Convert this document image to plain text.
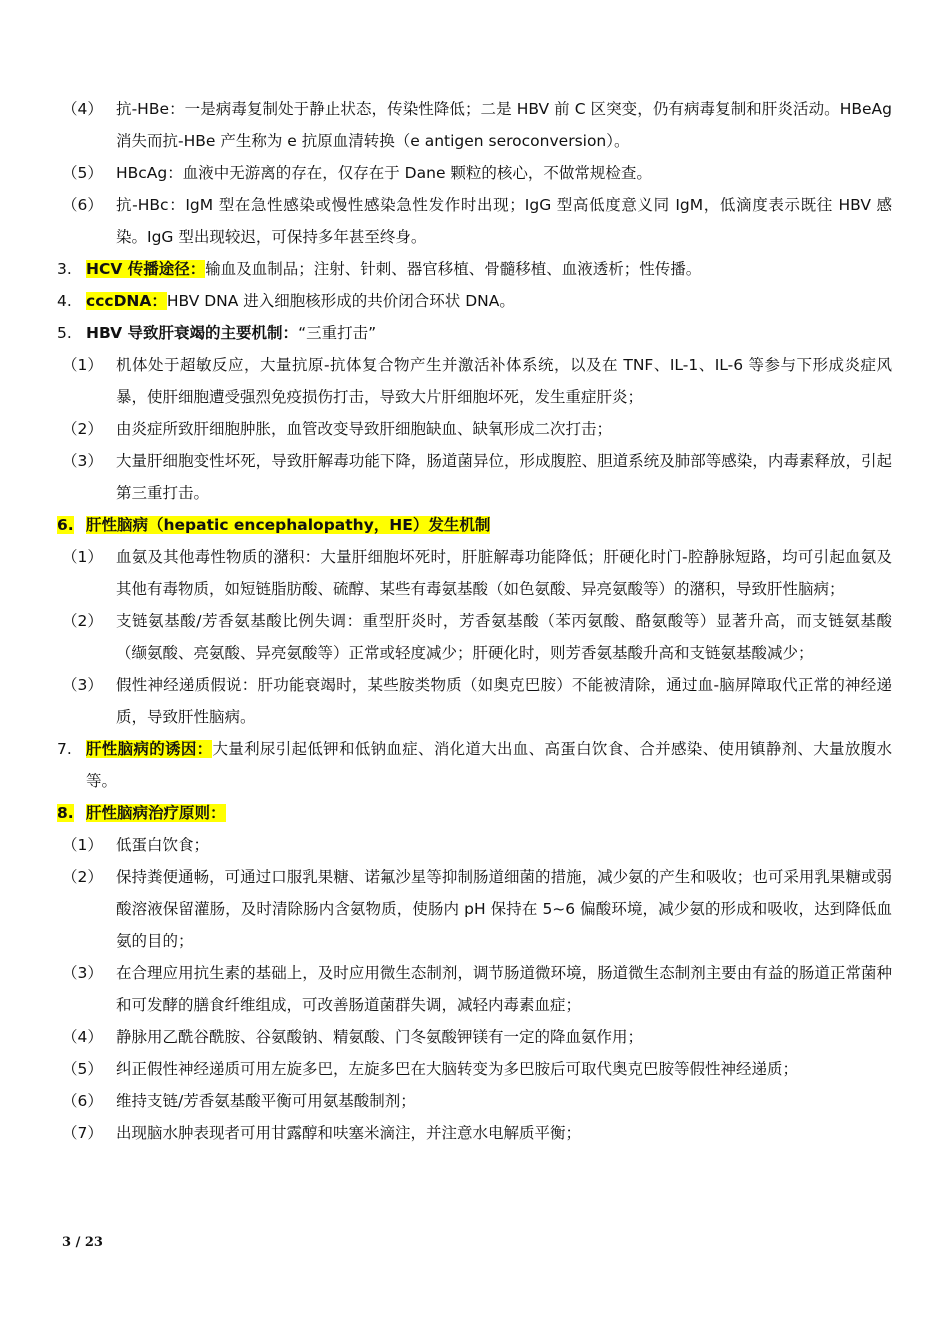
（4） 抗-HBe：一是病毒复制处于静止状态，传染性降低；二是 HBV 前 C 区突变，仍有病毒复制和肝炎活动。HBeAg 消失而抗-HBe 产生称为 e 抗原血清转换（e antigen seroconversion）。
（5） HBcAg：血液中无游离的存在，仅存在于 Dane 颗粒的核心，不做常规检查。
（6） 抗-HBc：IgM 型在急性感染或慢性感染急性发作时出现；IgG 型高低度意义同 IgM，低滴度表示既往 HBV 感染。IgG 型出现较迟，可保持多年甚至终身。
3. HCV 传播途径：输血及血制品；注射、针刺、器官移植、骨髓移植、血液透析；性传播。
4. cccDNA：HBV DNA 进入细胞核形成的共价闭合环状 DNA。
5. HBV 导致肝衰竭的主要机制：“三重打击”
（1） 机体处于超敏反应，大量抗原-抗体复合物产生并激活补体系统，以及在 TNF、IL-1、IL-6 等参与下形成炎症风暴，使肝细胞遭受强烈免疫损伤打击，导致大片肝细胞坏死，发生重症肝炎；
（2） 由炎症所致肝细胞肿胀，血管改变导致肝细胞缺血、缺氧形成二次打击；
（3） 大量肝细胞变性坏死，导致肝解毒功能下降，肠道菌异位，形成腹腔、胆道系统及肺部等感染，内毒素释放，引起第三重打击。
6. 肝性脑病（hepatic encephalopathy，HE）发生机制
（1） 血氨及其他毒性物质的潴积：大量肝细胞坏死时，肝脏解毒功能降低；肝硬化时门-腔静脉短路，均可引起血氨及其他有毒物质，如短链脂肪酸、硫醇、某些有毒氨基酸（如色氨酸、异亮氨酸等）的潴积，导致肝性脑病；
（2） 支链氨基酸/芳香氨基酸比例失调：重型肝炎时，芳香氨基酸（苯丙氨酸、酪氨酸等）显著升高，而支链氨基酸（缬氨酸、亮氨酸、异亮氨酸等）正常或轻度减少；肝硬化时，则芳香氨基酸升高和支链氨基酸减少；
（3） 假性神经递质假说：肝功能衰竭时，某些胺类物质（如奥克巴胺）不能被清除，通过血-脑屏障取代正常的神经递质，导致肝性脑病。
7. 肝性脑病的诱因：大量利尿引起低钾和低钠血症、消化道大出血、高蛋白饮食、合并感染、使用镇静剂、大量放腹水等。
8. 肝性脑病治疗原则：
（1） 低蛋白饮食；
（2） 保持粪便通畅，可通过口服乳果糖、诺氟沙星等抑制肠道细菌的措施，减少氨的产生和吸收；也可采用乳果糖或弱酸溶液保留灌肠，及时清除肠内含氨物质，使肠内 pH 保持在 5~6 偏酸环境，减少氨的形成和吸收，达到降低血氨的目的；
（3） 在合理应用抗生素的基础上，及时应用微生态制剂，调节肠道微环境，肠道微生态制剂主要由有益的肠道正常菌种和可发酵的膳食纤维组成，可改善肠道菌群失调，减轻内毒素血症；
（4） 静脉用乙酰谷酰胺、谷氨酸钠、精氨酸、门冬氨酸钾镁有一定的降血氨作用；
（5） 纠正假性神经递质可用左旋多巴，左旋多巴在大脑转变为多巴胺后可取代奥克巴胺等假性神经递质；
（6） 维持支链/芳香氨基酸平衡可用氨基酸制剂；
（7） 出现脑水肿表现者可用甘露醇和呋塞米滴注，并注意水电解质平衡；
3 / 23
